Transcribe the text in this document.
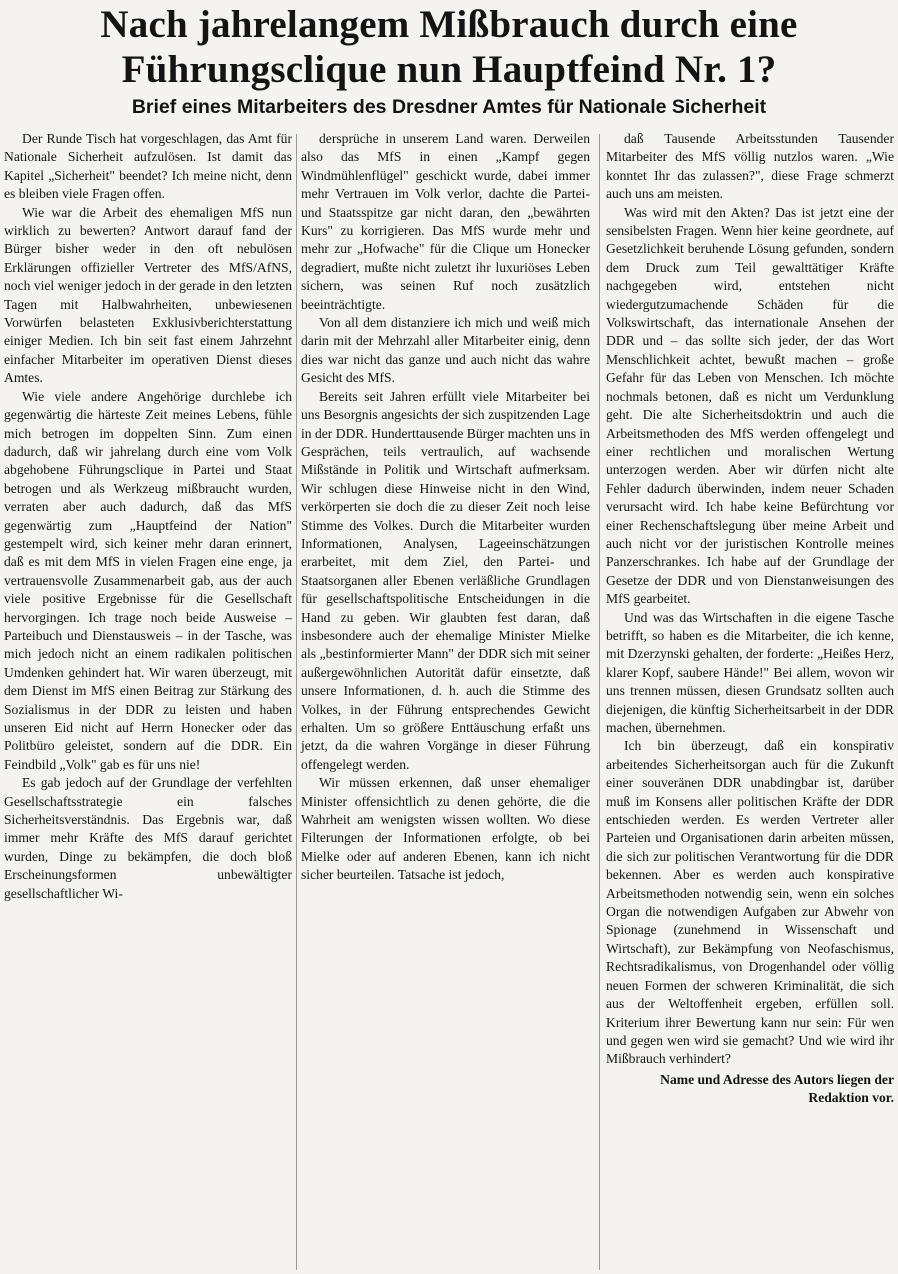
Nach jahrelangem Mißbrauch durch eine
Führungsclique nun Hauptfeind Nr. 1?
Brief eines Mitarbeiters des Dresdner Amtes für Nationale Sicherheit

Der Runde Tisch hat vorgeschlagen, das Amt für Nationale Sicherheit aufzulösen. Ist damit das Kapitel „Sicherheit" beendet? Ich meine nicht, denn es bleiben viele Fragen offen.

Wie war die Arbeit des ehemaligen MfS nun wirklich zu bewerten? Antwort darauf fand der Bürger bisher weder in den oft nebulösen Erklärungen offizieller Vertreter des MfS/AfNS, noch viel weniger jedoch in der gerade in den letzten Tagen mit Halbwahrheiten, unbewiesenen Vorwürfen belasteten Exklusivberichterstattung einiger Medien. Ich bin seit fast einem Jahrzehnt einfacher Mitarbeiter im operativen Dienst dieses Amtes.

Wie viele andere Angehörige durchlebe ich gegenwärtig die härteste Zeit meines Lebens, fühle mich betrogen im doppelten Sinn. Zum einen dadurch, daß wir jahrelang durch eine vom Volk abgehobene Führungsclique in Partei und Staat betrogen und als Werkzeug mißbraucht wurden, verraten aber auch dadurch, daß das MfS gegenwärtig zum „Hauptfeind der Nation" gestempelt wird, sich keiner mehr daran erinnert, daß es mit dem MfS in vielen Fragen eine enge, ja vertrauensvolle Zusammenarbeit gab, aus der auch viele positive Ergebnisse für die Gesellschaft hervorgingen. Ich trage noch beide Ausweise – Parteibuch und Dienstausweis – in der Tasche, was mich jedoch nicht an einem radikalen politischen Umdenken gehindert hat. Wir waren überzeugt, mit dem Dienst im MfS einen Beitrag zur Stärkung des Sozialismus in der DDR zu leisten und haben unseren Eid nicht auf Herrn Honecker oder das Politbüro geleistet, sondern auf die DDR. Ein Feindbild „Volk" gab es für uns nie!

Es gab jedoch auf der Grundlage der verfehlten Gesellschaftsstrategie ein falsches Sicherheitsverständnis. Das Ergebnis war, daß immer mehr Kräfte des MfS darauf gerichtet wurden, Dinge zu bekämpfen, die doch bloß Erscheinungsformen unbewältigter gesellschaftlicher Wi-

dersprüche in unserem Land waren. Derweilen also das MfS in einen „Kampf gegen Windmühlenflügel" geschickt wurde, dabei immer mehr Vertrauen im Volk verlor, dachte die Partei- und Staatsspitze gar nicht daran, den „bewährten Kurs" zu korrigieren. Das MfS wurde mehr und mehr zur „Hofwache" für die Clique um Honecker degradiert, mußte nicht zuletzt ihr luxuriöses Leben sichern, was seinen Ruf noch zusätzlich beeinträchtigte.

Von all dem distanziere ich mich und weiß mich darin mit der Mehrzahl aller Mitarbeiter einig, denn dies war nicht das ganze und auch nicht das wahre Gesicht des MfS.

Bereits seit Jahren erfüllt viele Mitarbeiter bei uns Besorgnis angesichts der sich zuspitzenden Lage in der DDR. Hunderttausende Bürger machten uns in Gesprächen, teils vertraulich, auf wachsende Mißstände in Politik und Wirtschaft aufmerksam. Wir schlugen diese Hinweise nicht in den Wind, verkörperten sie doch die zu dieser Zeit noch leise Stimme des Volkes. Durch die Mitarbeiter wurden Informationen, Analysen, Lageeinschätzungen erarbeitet, mit dem Ziel, den Partei- und Staatsorganen aller Ebenen verläßliche Grundlagen für gesellschaftspolitische Entscheidungen in die Hand zu geben. Wir glaubten fest daran, daß insbesondere auch der ehemalige Minister Mielke als „bestinformierter Mann" der DDR sich mit seiner außergewöhnlichen Autorität dafür einsetzte, daß unsere Informationen, d. h. auch die Stimme des Volkes, in der Führung entsprechendes Gewicht erhalten. Um so größere Enttäuschung erfaßt uns jetzt, da die wahren Vorgänge in dieser Führung offengelegt werden.

Wir müssen erkennen, daß unser ehemaliger Minister offensichtlich zu denen gehörte, die die Wahrheit am wenigsten wissen wollten. Wo diese Filterungen der Informationen erfolgte, ob bei Mielke oder auf anderen Ebenen, kann ich nicht sicher beurteilen. Tatsache ist jedoch,

daß Tausende Arbeitsstunden Tausender Mitarbeiter des MfS völlig nutzlos waren. „Wie konntet Ihr das zulassen?", diese Frage schmerzt auch uns am meisten.

Was wird mit den Akten? Das ist jetzt eine der sensibelsten Fragen. Wenn hier keine geordnete, auf Gesetzlichkeit beruhende Lösung gefunden, sondern dem Druck zum Teil gewalttätiger Kräfte nachgegeben wird, entstehen nicht wiedergutzumachende Schäden für die Volkswirtschaft, das internationale Ansehen der DDR und – das sollte sich jeder, der das Wort Menschlichkeit achtet, bewußt machen – große Gefahr für das Leben von Menschen. Ich möchte nochmals betonen, daß es nicht um Verdunklung geht. Die alte Sicherheitsdoktrin und auch die Arbeitsmethoden des MfS werden offengelegt und einer rechtlichen und moralischen Wertung unterzogen werden. Aber wir dürfen nicht alte Fehler dadurch überwinden, indem neuer Schaden verursacht wird. Ich habe keine Befürchtung vor einer Rechenschaftslegung über meine Arbeit und auch nicht vor der juristischen Kontrolle meines Panzerschrankes. Ich habe auf der Grundlage der Gesetze der DDR und von Dienstanweisungen des MfS gearbeitet.

Und was das Wirtschaften in die eigene Tasche betrifft, so haben es die Mitarbeiter, die ich kenne, mit Dzerzynski gehalten, der forderte: „Heißes Herz, klarer Kopf, saubere Hände!" Bei allem, wovon wir uns trennen müssen, diesen Grundsatz sollten auch diejenigen, die künftig Sicherheitsarbeit in der DDR machen, übernehmen.

Ich bin überzeugt, daß ein konspirativ arbeitendes Sicherheitsorgan auch für die Zukunft einer souveränen DDR unabdingbar ist, darüber muß im Konsens aller politischen Kräfte der DDR entschieden werden. Es werden Vertreter aller Parteien und Organisationen darin arbeiten müssen, die sich zur politischen Verantwortung für die DDR bekennen. Aber es werden auch konspirative Arbeitsmethoden notwendig sein, wenn ein solches Organ die notwendigen Aufgaben zur Abwehr von Spionage (zunehmend in Wissenschaft und Wirtschaft), zur Bekämpfung von Neofaschismus, Rechtsradikalismus, von Drogenhandel oder völlig neuen Formen der schweren Kriminalität, die sich aus der Weltoffenheit ergeben, erfüllen soll. Kriterium ihrer Bewertung kann nur sein: Für wen und gegen wen wird sie gemacht? Und wie wird ihr Mißbrauch verhindert?

Name und Adresse des Autors liegen der Redaktion vor.
